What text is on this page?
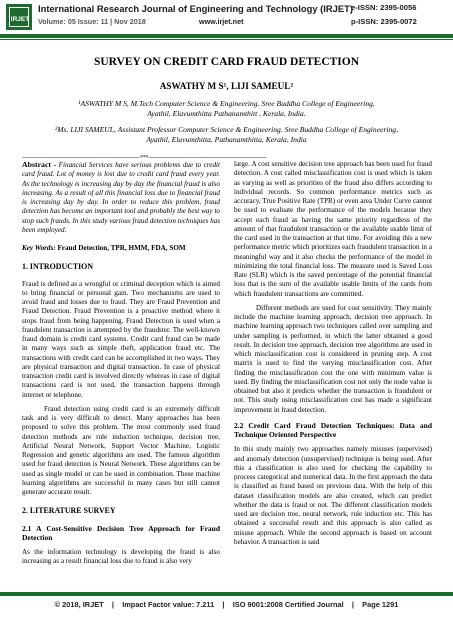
IRJET
International Research Journal of Engineering and Technology (IRJET)
e-ISSN: 2395-0056
Volume: 05 Issue: 11 | Nov 2018	www.irjet.net	p-ISSN: 2395-0072
SURVEY ON CREDIT CARD FRAUD DETECTION
ASWATHY M S¹, LIJI SAMEUL²
¹ASWATHY M S, M.Tech Computer Science & Engineering. Sree Buddha College of Engineering,
Ayathil, Elavumthitta Pathanamthitt , Kerala, India.
²Ms. LIJI SAMEUL, Assistant Professor Computer Science & Engineering. Sree Buddha College of Engineering,
Ayathil, Elavumthitta, Pathanamthitta, Kerala, India
--------------------------------------------------------------------------***--------------------------------------------------------------------------

Abstract - Financial Services have serious problems due to credit card fraud. Lot of money is lost due to credit card fraud every year. As the technology is increasing day by day the financial fraud is also increasing. As a result of all this financial loss due to financial fraud is increasing day by day. In order to reduce this problem, fraud detection has become an important tool and probably the best way to stop such frauds. In this study various fraud detection techniques has been employed.

Key Words: Fraud Detection, TPR, HMM, FDA, SOM

1. INTRODUCTION

Fraud is defined as a wrongful or criminal deception which is aimed to bring financial or personal gain. Two mechanisms are used to avoid fraud and losses due to fraud. They are Fraud Prevention and Fraud Detection. Fraud Prevention is a proactive method where it stops fraud from being happening. Fraud Detection is used when a fraudulent transaction is attempted by the fraudster. The well-known fraud domain is credit card systems. Credit card fraud can be made in many ways such as simple theft, application fraud etc. The transactions with credit card can be accomplished in two ways. They are physical transaction and digital transaction. In case of physical transaction credit card is involved directly whereas in case of digital transactions card is not used, the transaction happens through internet or telephone.

Fraud detection using credit card is an extremely difficult task and is very difficult to detect. Many approaches has been proposed to solve this problem. The most commonly used fraud detection methods are rule induction technique, decision tree, Artificial Neural Network, Support Vector Machine, Logistic Regression and genetic algorithms are used. The famous algorithm used for fraud detection is Neural Network. These algorithms can be used as single model or can be used in combination. These machine learning algorithms are successful in many cases but still cannot generate accurate result.

2. LITERATURE SURVEY

2.1 A Cost-Sensitive Decision Tree Approach for Fraud Detection

As the information technology is developing the fraud is also increasing as a result financial loss due to fraud is also very

large. A cost sensitive decision tree approach has been used for fraud detection. A cost called misclassification cost is used which is taken as varying as well as priorities of the fraud also differs according to individual records. So common performance metrics such as accuracy, True Positive Rate (TPR) or even area Under Curve cannot be used to evaluate the performance of the models because they accept each fraud as having the same priority regardless of the amount of that fraudulent transaction or the available usable limit of the card used in the transaction at that time. For avoiding this a new performance metric which prioritizes each fraudulent transaction in a meaningful way and it also checks the performance of the model in minimizing the total financial loss. The measure used is Saved Loss Rate (SLR) which is the saved percentage of the potential financial loss that is the sum of the available usable limits of the cards from which fraudulent transactions are committed.

Different methods are used for cost sensitivity. They mainly include the machine learning approach, decision tree approach. In machine learning approach two techniques called over sampling and under sampling is performed, in which the latter obtained a good result. In decision tree approach, decision tree algorithms are used in which misclassification cost is considered in pruning step. A cost matrix is used to find the varying misclassification cost. After finding the misclassification cost the one with minimum value is used. By finding the misclassification cost not only the node value is obtained but also it predicts whether the transaction is fraudulent or not. This study using misclassification cost has made a significant improvement in fraud detection.

2.2 Credit Card Fraud Detection Techniques: Data and Technique Oriented Perspective

In this study mainly two approaches namely misuses (supervised) and anomaly detection (unsupervised) technique is being used. After this a classification is also used for checking the capability to process categorical and numerical data. In the first approach the data is classified as fraud based on previous data. With the help of this dataset classification models are also created, which can predict whether the data is fraud or not. The different classification models used are decision tree, neural network, rule induction etc. This has obtained a successful result and this approach is also called as misuse approach. While the second approach is based on account behavior. A transaction is said

© 2018, IRJET | Impact Factor value: 7.211 | ISO 9001:2008 Certified Journal | Page 1291
